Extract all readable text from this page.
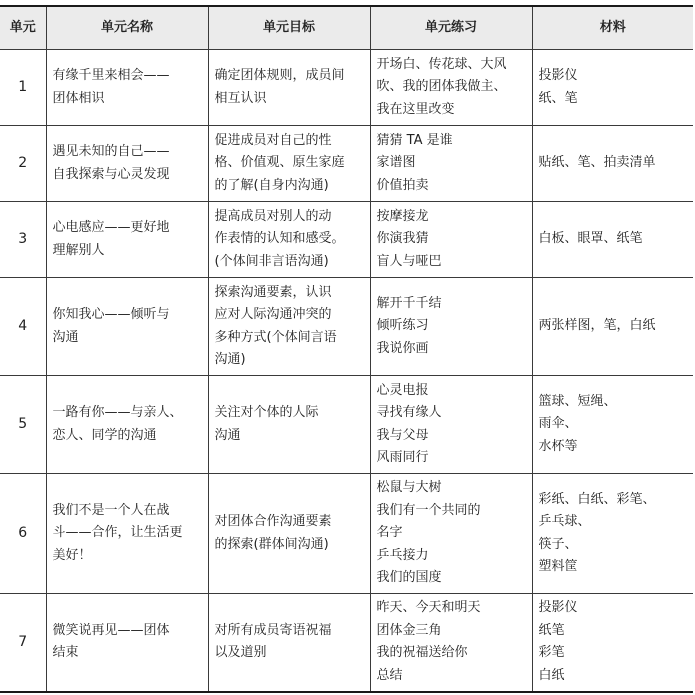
单元	单元名称	单元目标	单元练习	材料
1	有缘千里来相会——
团体相识	确定团体规则，成员间
相互认识	开场白、传花球、大风
吹、我的团体我做主、
我在这里改变	投影仪
纸、笔

2	遇见未知的自己——
自我探索与心灵发现	促进成员对自己的性
格、价值观、原生家庭
的了解(自身内沟通)	猜猜 TA 是谁
家谱图
价值拍卖	贴纸、笔、拍卖清单

3	心电感应——更好地
理解别人	提高成员对别人的动
作表情的认知和感受。
(个体间非言语沟通)	按摩接龙
你演我猜
盲人与哑巴	白板、眼罩、纸笔

4	你知我心——倾听与
沟通	探索沟通要素，认识
应对人际沟通冲突的
多种方式(个体间言语
沟通)	解开千千结
倾听练习
我说你画	两张样图，笔，白纸

5	一路有你——与亲人、
恋人、同学的沟通	关注对个体的人际
沟通	心灵电报
寻找有缘人
我与父母
风雨同行	篮球、短绳、
雨伞、
水杯等

6	我们不是一个人在战
斗——合作，让生活更
美好！	对团体合作沟通要素
的探索(群体间沟通)	松鼠与大树
我们有一个共同的
名字
乒乓接力
我们的国度	彩纸、白纸、彩笔、
乒乓球、
筷子、
塑料筐

7	微笑说再见——团体
结束	对所有成员寄语祝福
以及道别	昨天、今天和明天
团体金三角
我的祝福送给你
总结	投影仪
纸笔
彩笔
白纸
